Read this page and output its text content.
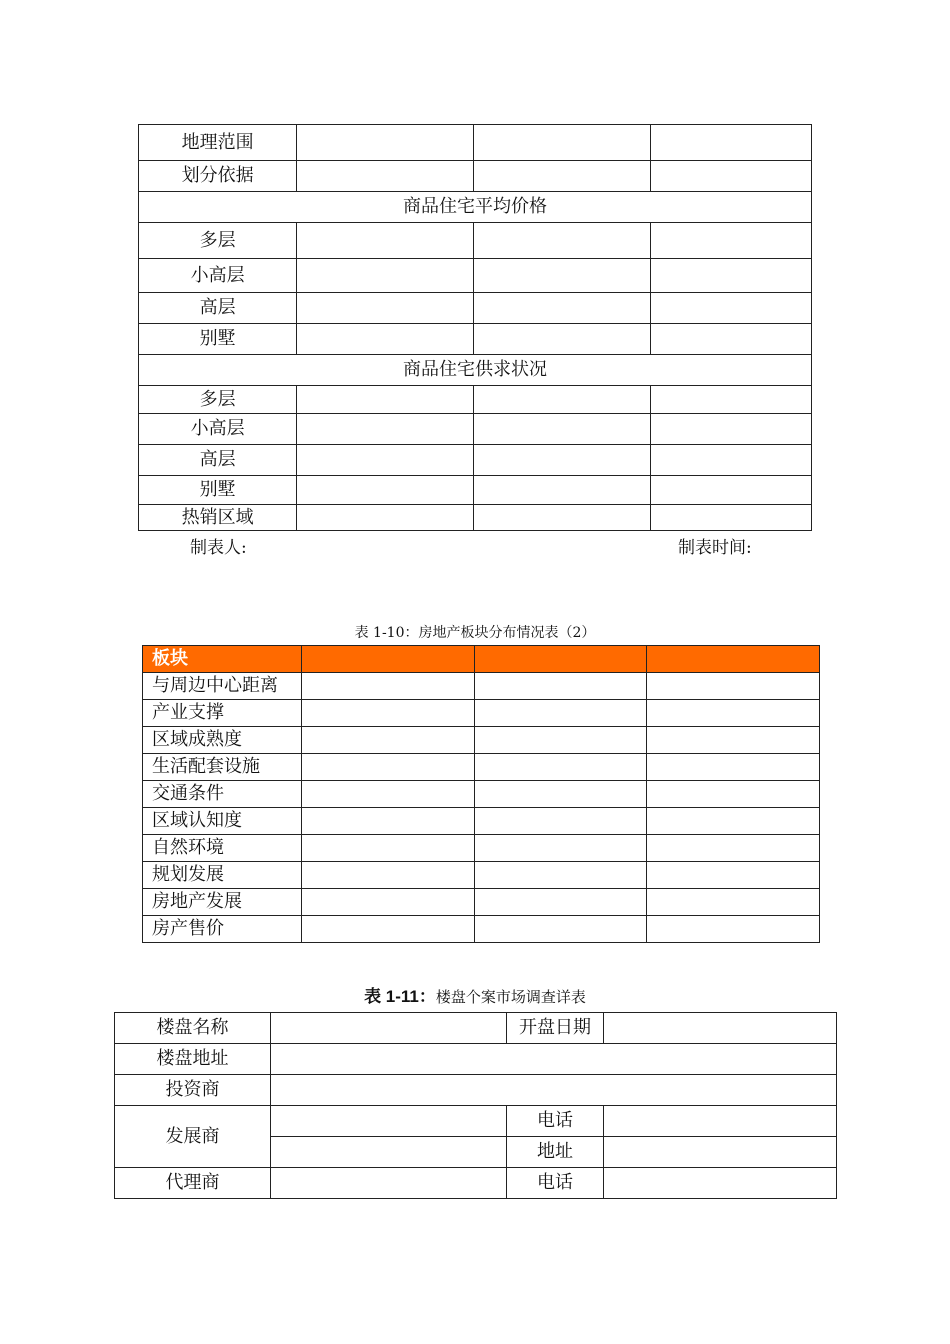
地理范围			
划分依据			
商品住宅平均价格			
多层			
小高层			
高层			
别墅			
商品住宅供求状况			
多层			
小高层			
高层			
别墅			
热销区域			
制表人:	制表时间:
表 1-10：房地产板块分布情况表（2）
板块			
与周边中心距离			
产业支撑			
区域成熟度			
生活配套设施			
交通条件			
区域认知度			
自然环境			
规划发展			
房地产发展			
房产售价			
表 1-11：楼盘个案市场调查详表
楼盘名称		开盘日期	
楼盘地址			
投资商			
发展商		电话	
		地址	
代理商		电话	
